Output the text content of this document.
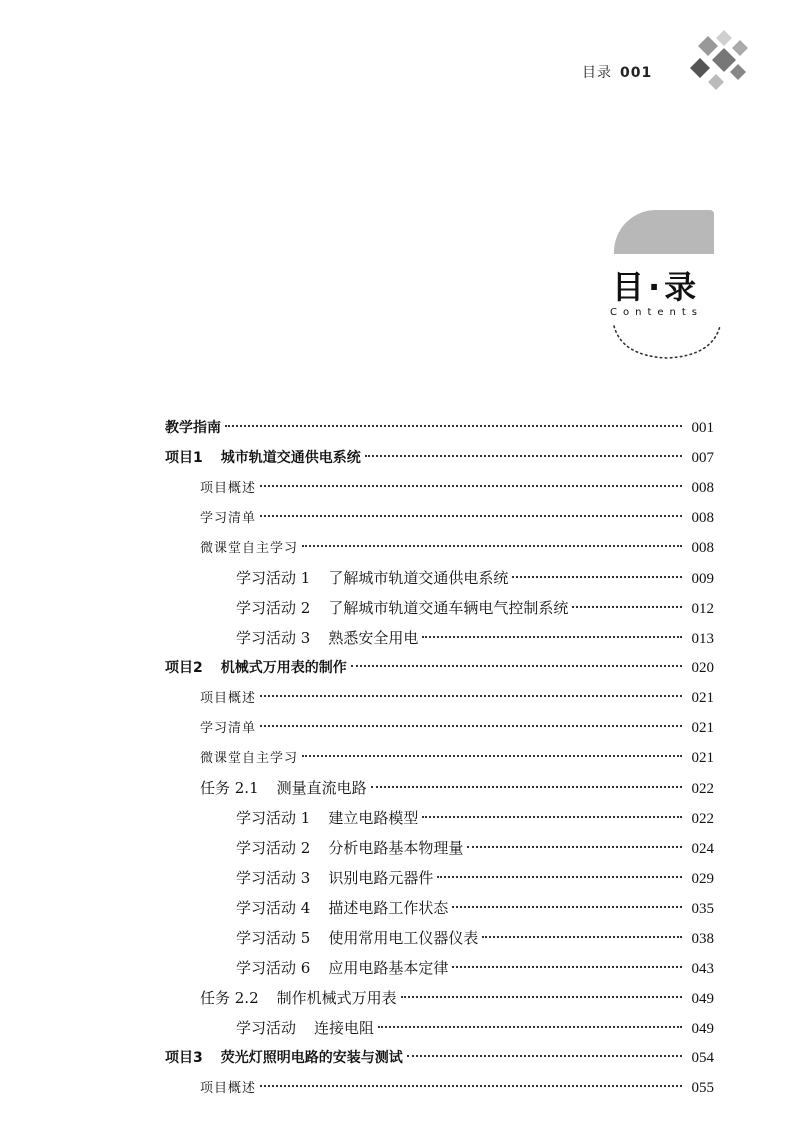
目录 001
目·录
Contents
教学指南	001
项目1 城市轨道交通供电系统	007
项目概述	008
学习清单	008
微课堂自主学习	008
学习活动 1 了解城市轨道交通供电系统	009
学习活动 2 了解城市轨道交通车辆电气控制系统	012
学习活动 3 熟悉安全用电	013
项目2 机械式万用表的制作	020
项目概述	021
学习清单	021
微课堂自主学习	021
任务 2.1 测量直流电路	022
学习活动 1 建立电路模型	022
学习活动 2 分析电路基本物理量	024
学习活动 3 识别电路元器件	029
学习活动 4 描述电路工作状态	035
学习活动 5 使用常用电工仪器仪表	038
学习活动 6 应用电路基本定律	043
任务 2.2 制作机械式万用表	049
学习活动 连接电阻	049
项目3 荧光灯照明电路的安装与测试	054
项目概述	055
